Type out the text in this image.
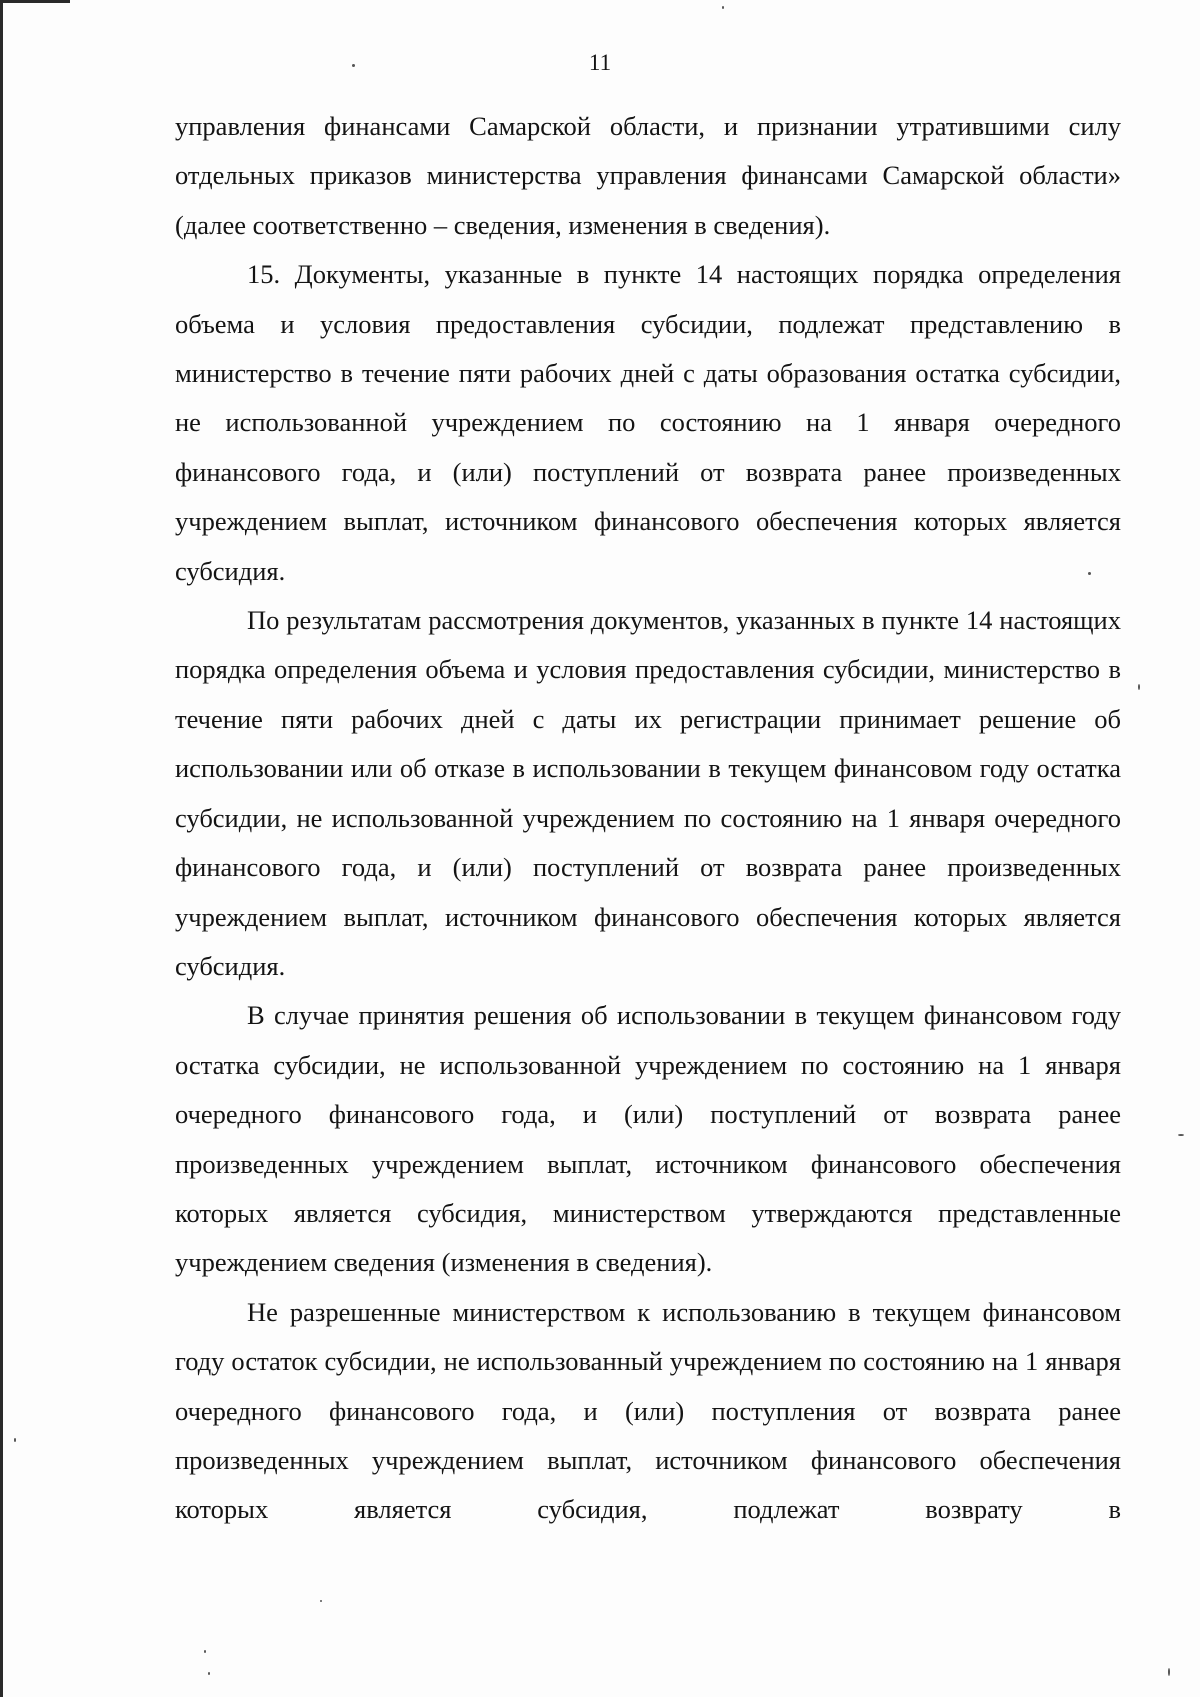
11

управления финансами Самарской области, и признании утратившими силу отдельных приказов министерства управления финансами Самарской области» (далее соответственно – сведения, изменения в сведения).

15. Документы, указанные в пункте 14 настоящих порядка определения объема и условия предоставления субсидии, подлежат представлению в министерство в течение пяти рабочих дней с даты образования остатка субсидии, не использованной учреждением по состоянию на 1 января очередного финансового года, и (или) поступлений от возврата ранее произведенных учреждением выплат, источником финансового обеспечения которых является субсидия.

По результатам рассмотрения документов, указанных в пункте 14 настоящих порядка определения объема и условия предоставления субсидии, министерство в течение пяти рабочих дней с даты их регистрации принимает решение об использовании или об отказе в использовании в текущем финансовом году остатка субсидии, не использованной учреждением по состоянию на 1 января очередного финансового года, и (или) поступлений от возврата ранее произведенных учреждением выплат, источником финансового обеспечения которых является субсидия.

В случае принятия решения об использовании в текущем финансовом году остатка субсидии, не использованной учреждением по состоянию на 1 января очередного финансового года, и (или) поступлений от возврата ранее произведенных учреждением выплат, источником финансового обеспечения которых является субсидия, министерством утверждаются представленные учреждением сведения (изменения в сведения).

Не разрешенные министерством к использованию в текущем финансовом году остаток субсидии, не использованный учреждением по состоянию на 1 января очередного финансового года, и (или) поступления от возврата ранее произведенных учреждением выплат, источником финансового обеспечения которых является субсидия, подлежат возврату в
